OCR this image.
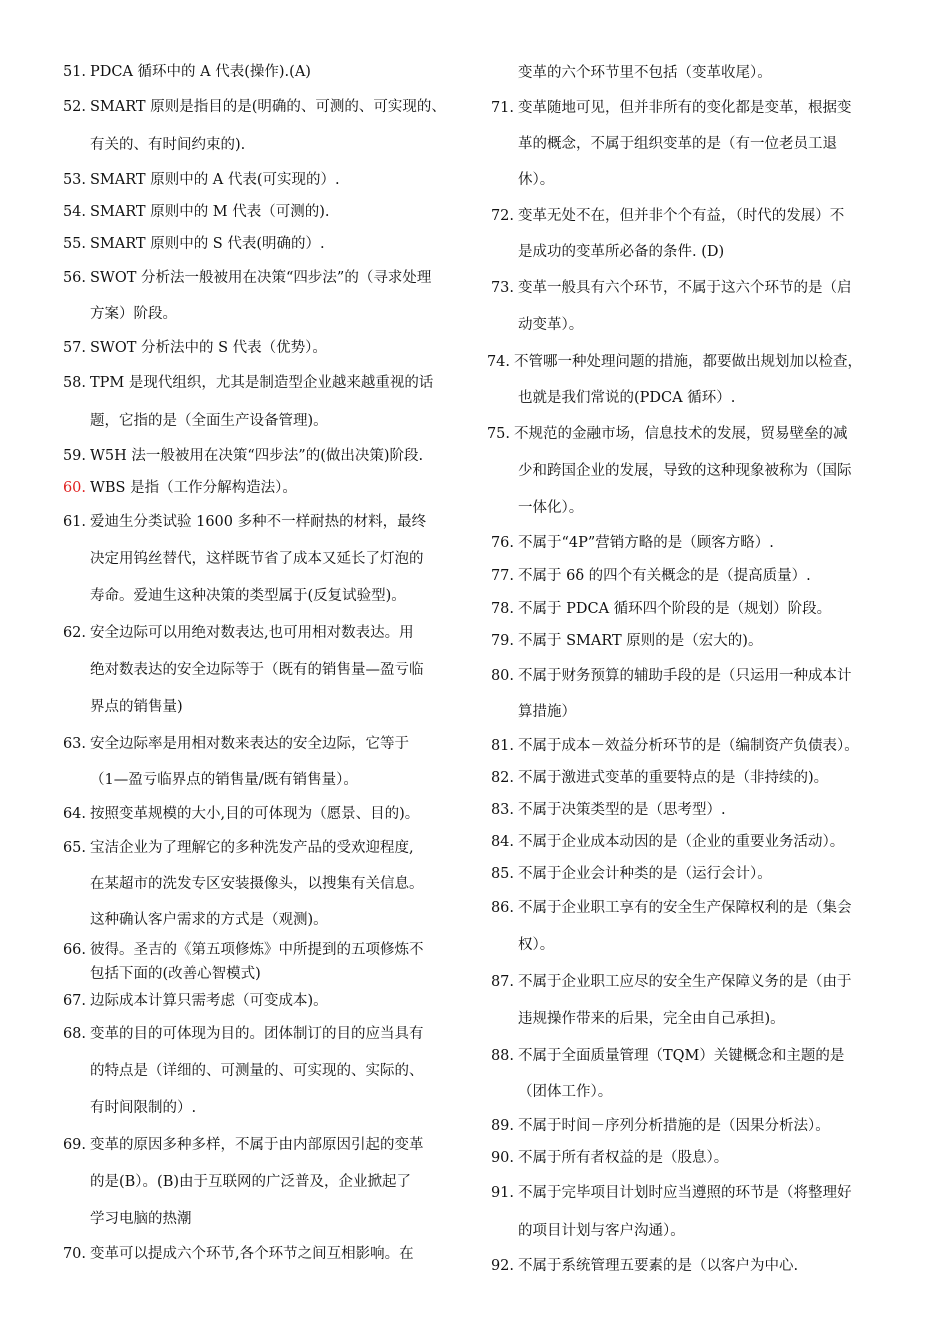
51. PDCA 循环中的 A 代表(操作).(A)
52. SMART 原则是指目的是(明确的、可测的、可实现的、
有关的、有时间约束的).
53. SMART 原则中的 A 代表(可实现的）.
54. SMART 原则中的 M 代表（可测的).
55. SMART 原则中的 S 代表(明确的）.
56. SWOT 分析法一般被用在决策“四步法”的（寻求处理
方案）阶段。
57. SWOT 分析法中的 S 代表（优势）。
58. TPM 是现代组织，尤其是制造型企业越来越重视的话
题，它指的是（全面生产设备管理)。
59. W5H 法一般被用在决策“四步法”的(做出决策)阶段.
60. WBS 是指（工作分解构造法）。
61. 爱迪生分类试验 1600 多种不一样耐热的材料，最终
决定用钨丝替代，这样既节省了成本又延长了灯泡的
寿命。爱迪生这种决策的类型属于(反复试验型)。
62. 安全边际可以用绝对数表达,也可用相对数表达。用
绝对数表达的安全边际等于（既有的销售量—盈亏临
界点的销售量)
63. 安全边际率是用相对数来表达的安全边际，它等于
（1—盈亏临界点的销售量/既有销售量）。
64. 按照变革规模的大小,目的可体现为（愿景、目的)。
65. 宝洁企业为了理解它的多种洗发产品的受欢迎程度,
在某超市的洗发专区安装摄像头，以搜集有关信息。
这种确认客户需求的方式是（观测)。
66. 彼得。圣吉的《第五项修炼》中所提到的五项修炼不
包括下面的(改善心智模式)
67. 边际成本计算只需考虑（可变成本)。
68. 变革的目的可体现为目的。团体制订的目的应当具有
的特点是（详细的、可测量的、可实现的、实际的、
有时间限制的）.
69. 变革的原因多种多样，不属于由内部原因引起的变革
的是(B）。(B)由于互联网的广泛普及，企业掀起了
学习电脑的热潮
70. 变革可以提成六个环节,各个环节之间互相影响。在
变革的六个环节里不包括（变革收尾）。
71. 变革随地可见，但并非所有的变化都是变革，根据变
革的概念，不属于组织变革的是（有一位老员工退
休）。
72. 变革无处不在，但并非个个有益，（时代的发展）不
是成功的变革所必备的条件. (D)
73. 变革一般具有六个环节，不属于这六个环节的是（启
动变革）。
74. 不管哪一种处理问题的措施，都要做出规划加以检查，
也就是我们常说的(PDCA 循环）.
75. 不规范的金融市场，信息技术的发展，贸易壁垒的减
少和跨国企业的发展，导致的这种现象被称为（国际
一体化）。
76. 不属于“4P”营销方略的是（顾客方略）.
77. 不属于 6δ 的四个有关概念的是（提高质量）.
78. 不属于 PDCA 循环四个阶段的是（规划）阶段。
79. 不属于 SMART 原则的是（宏大的)。
80. 不属于财务预算的辅助手段的是（只运用一种成本计
算措施）
81. 不属于成本－效益分析环节的是（编制资产负债表）。
82. 不属于激进式变革的重要特点的是（非持续的)。
83. 不属于决策类型的是（思考型）.
84. 不属于企业成本动因的是（企业的重要业务活动）。
85. 不属于企业会计种类的是（运行会计）。
86. 不属于企业职工享有的安全生产保障权利的是（集会
权）。
87. 不属于企业职工应尽的安全生产保障义务的是（由于
违规操作带来的后果，完全由自己承担)。
88. 不属于全面质量管理（TQM）关键概念和主题的是
（团体工作）。
89. 不属于时间－序列分析措施的是（因果分析法）。
90. 不属于所有者权益的是（股息）。
91. 不属于完毕项目计划时应当遵照的环节是（将整理好
的项目计划与客户沟通）。
92. 不属于系统管理五要素的是（以客户为中心.
